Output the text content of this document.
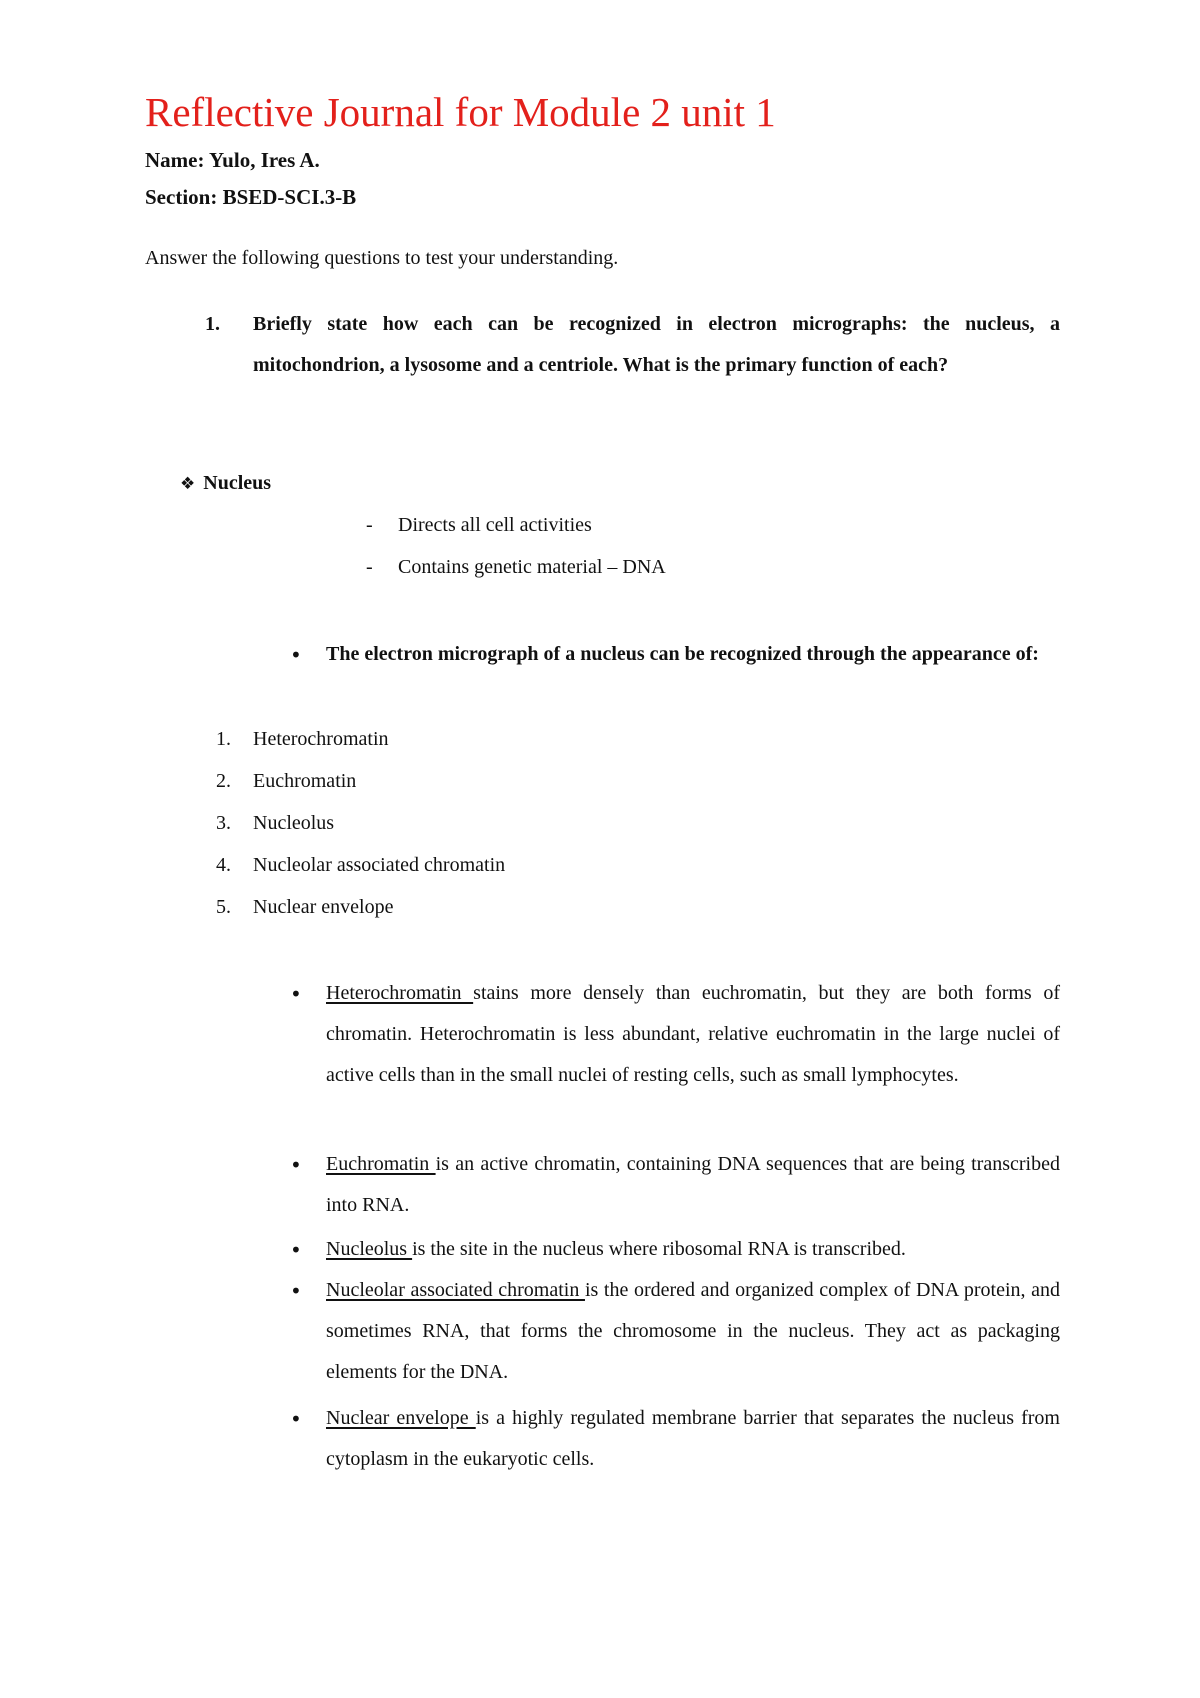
Reflective Journal for Module 2 unit 1
Name: Yulo, Ires A.
Section: BSED-SCI.3-B
Answer the following questions to test your understanding.
1. Briefly state how each can be recognized in electron micrographs: the nucleus, a mitochondrion, a lysosome and a centriole. What is the primary function of each?
❖ Nucleus
- Directs all cell activities
- Contains genetic material – DNA
• The electron micrograph of a nucleus can be recognized through the appearance of:
1. Heterochromatin
2. Euchromatin
3. Nucleolus
4. Nucleolar associated chromatin
5. Nuclear envelope
• Heterochromatin stains more densely than euchromatin, but they are both forms of chromatin. Heterochromatin is less abundant, relative euchromatin in the large nuclei of active cells than in the small nuclei of resting cells, such as small lymphocytes.
• Euchromatin is an active chromatin, containing DNA sequences that are being transcribed into RNA.
• Nucleolus is the site in the nucleus where ribosomal RNA is transcribed.
• Nucleolar associated chromatin is the ordered and organized complex of DNA protein, and sometimes RNA, that forms the chromosome in the nucleus. They act as packaging elements for the DNA.
• Nuclear envelope is a highly regulated membrane barrier that separates the nucleus from cytoplasm in the eukaryotic cells.
